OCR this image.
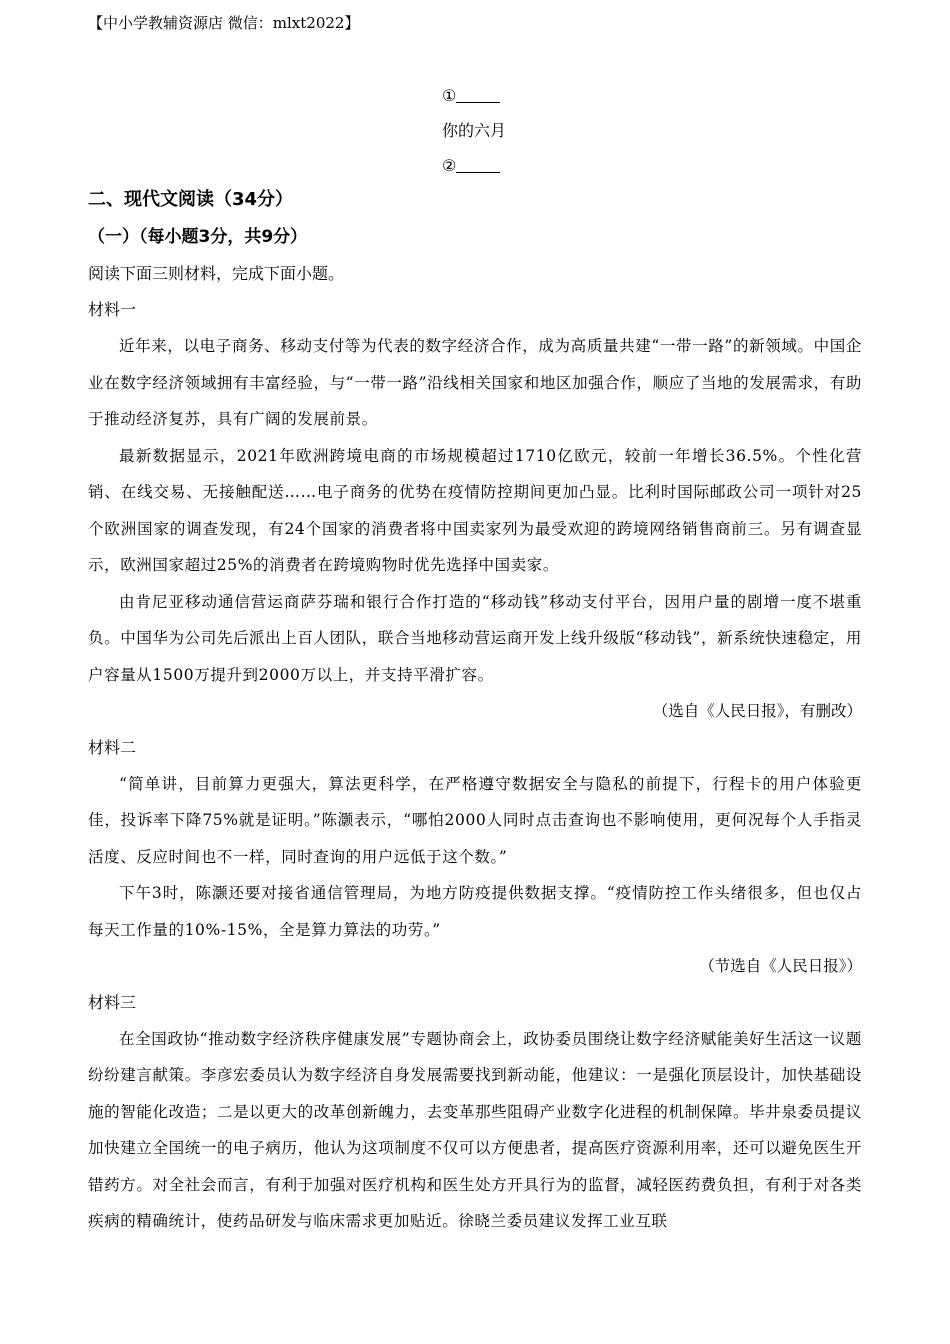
【中小学教辅资源店 微信：mlxt2022】
①
你的六月
②
二、现代文阅读（34分）
（一）（每小题3分，共9分）
阅读下面三则材料，完成下面小题。
材料一

近年来，以电子商务、移动支付等为代表的数字经济合作，成为高质量共建“一带一路”的新领域。中国企业在数字经济领域拥有丰富经验，与“一带一路”沿线相关国家和地区加强合作，顺应了当地的发展需求，有助于推动经济复苏，具有广阔的发展前景。

最新数据显示，2021年欧洲跨境电商的市场规模超过1710亿欧元，较前一年增长36.5%。个性化营销、在线交易、无接触配送……电子商务的优势在疫情防控期间更加凸显。比利时国际邮政公司一项针对25个欧洲国家的调查发现，有24个国家的消费者将中国卖家列为最受欢迎的跨境网络销售商前三。另有调查显示，欧洲国家超过25%的消费者在跨境购物时优先选择中国卖家。

由肯尼亚移动通信营运商萨芬瑞和银行合作打造的“移动钱”移动支付平台，因用户量的剧增一度不堪重负。中国华为公司先后派出上百人团队，联合当地移动营运商开发上线升级版“移动钱”，新系统快速稳定，用户容量从1500万提升到2000万以上，并支持平滑扩容。

（选自《人民日报》，有删改）
材料二

“简单讲，目前算力更强大，算法更科学，在严格遵守数据安全与隐私的前提下，行程卡的用户体验更佳，投诉率下降75%就是证明。”陈灏表示，“哪怕2000人同时点击查询也不影响使用，更何况每个人手指灵活度、反应时间也不一样，同时查询的用户远低于这个数。”

下午3时，陈灏还要对接省通信管理局，为地方防疫提供数据支撑。“疫情防控工作头绪很多，但也仅占每天工作量的10%-15%，全是算力算法的功劳。”

（节选自《人民日报》）
材料三

在全国政协“推动数字经济秩序健康发展”专题协商会上，政协委员围绕让数字经济赋能美好生活这一议题纷纷建言献策。李彦宏委员认为数字经济自身发展需要找到新动能，他建议：一是强化顶层设计，加快基础设施的智能化改造；二是以更大的改革创新魄力，去变革那些阻碍产业数字化进程的机制保障。毕井泉委员提议加快建立全国统一的电子病历，他认为这项制度不仅可以方便患者，提高医疗资源利用率，还可以避免医生开错药方。对全社会而言，有利于加强对医疗机构和医生处方开具行为的监督，减轻医药费负担，有利于对各类疾病的精确统计，使药品研发与临床需求更加贴近。徐晓兰委员建议发挥工业互联
